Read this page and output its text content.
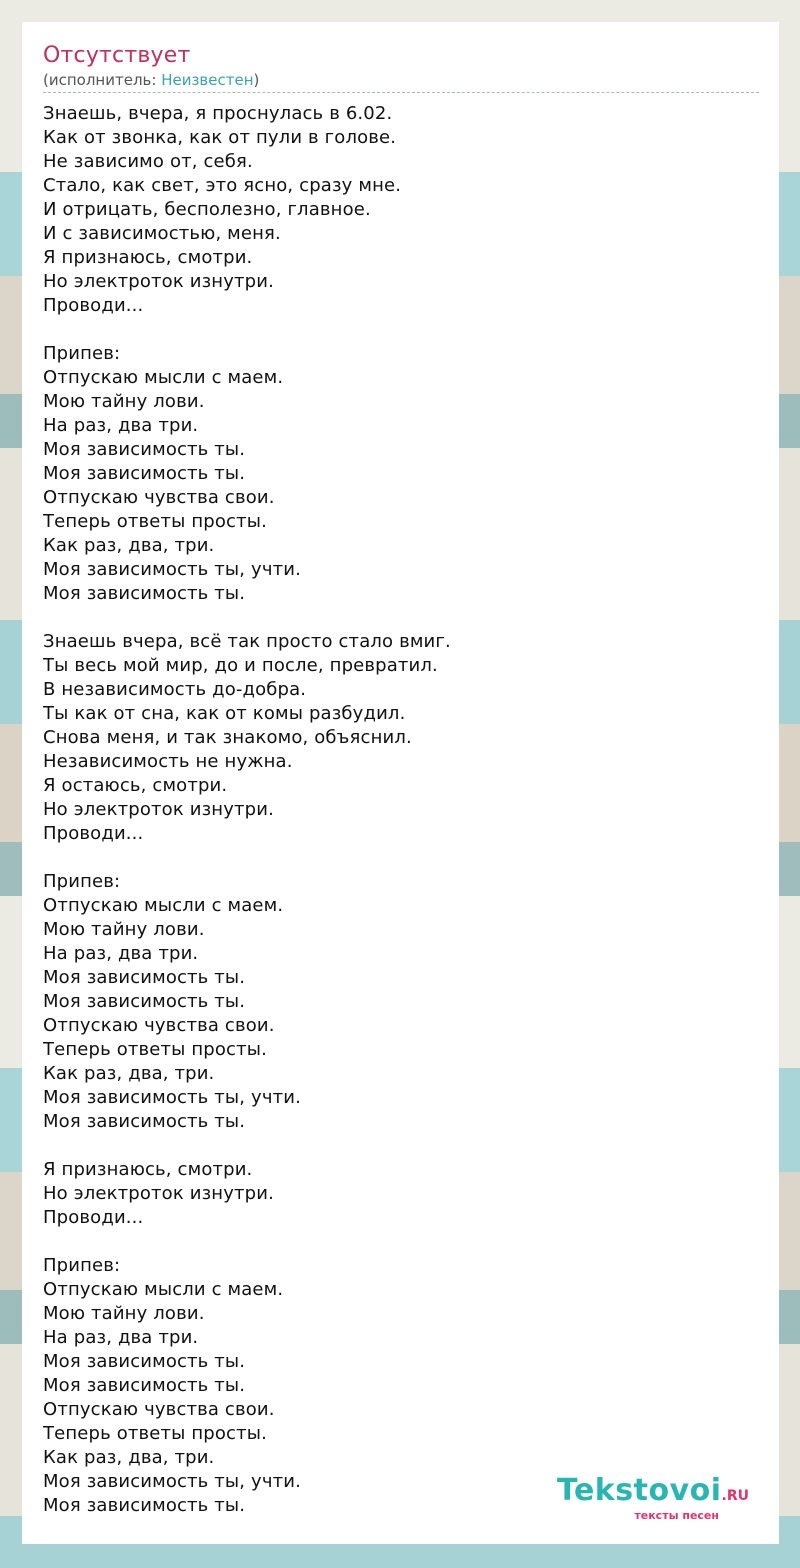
Отсутствует
(исполнитель: Неизвестен)
Знаешь, вчера, я проснулась в 6.02.
Как от звонка, как от пули в голове.
Не зависимо от, себя.
Стало, как свет, это ясно, сразу мне.
И отрицать, бесполезно, главное.
И с зависимостью, меня.
Я признаюсь, смотри.
Но электроток изнутри.
Проводи...
Припев:
Отпускаю мысли с маем.
Мою тайну лови.
На раз, два три.
Моя зависимость ты.
Моя зависимость ты.
Отпускаю чувства свои.
Теперь ответы просты.
Как раз, два, три.
Моя зависимость ты, учти.
Моя зависимость ты.
Знаешь вчера, всё так просто стало вмиг.
Ты весь мой мир, до и после, превратил.
В независимость до-добра.
Ты как от сна, как от комы разбудил.
Снова меня, и так знакомо, объяснил.
Независимость не нужна.
Я остаюсь, смотри.
Но электроток изнутри.
Проводи...
Припев:
Отпускаю мысли с маем.
Мою тайну лови.
На раз, два три.
Моя зависимость ты.
Моя зависимость ты.
Отпускаю чувства свои.
Теперь ответы просты.
Как раз, два, три.
Моя зависимость ты, учти.
Моя зависимость ты.
Я признаюсь, смотри.
Но электроток изнутри.
Проводи...
Припев:
Отпускаю мысли с маем.
Мою тайну лови.
На раз, два три.
Моя зависимость ты.
Моя зависимость ты.
Отпускаю чувства свои.
Теперь ответы просты.
Как раз, два, три.
Моя зависимость ты, учти.
Моя зависимость ты.	Tekstovoi.RU
тексты песен
